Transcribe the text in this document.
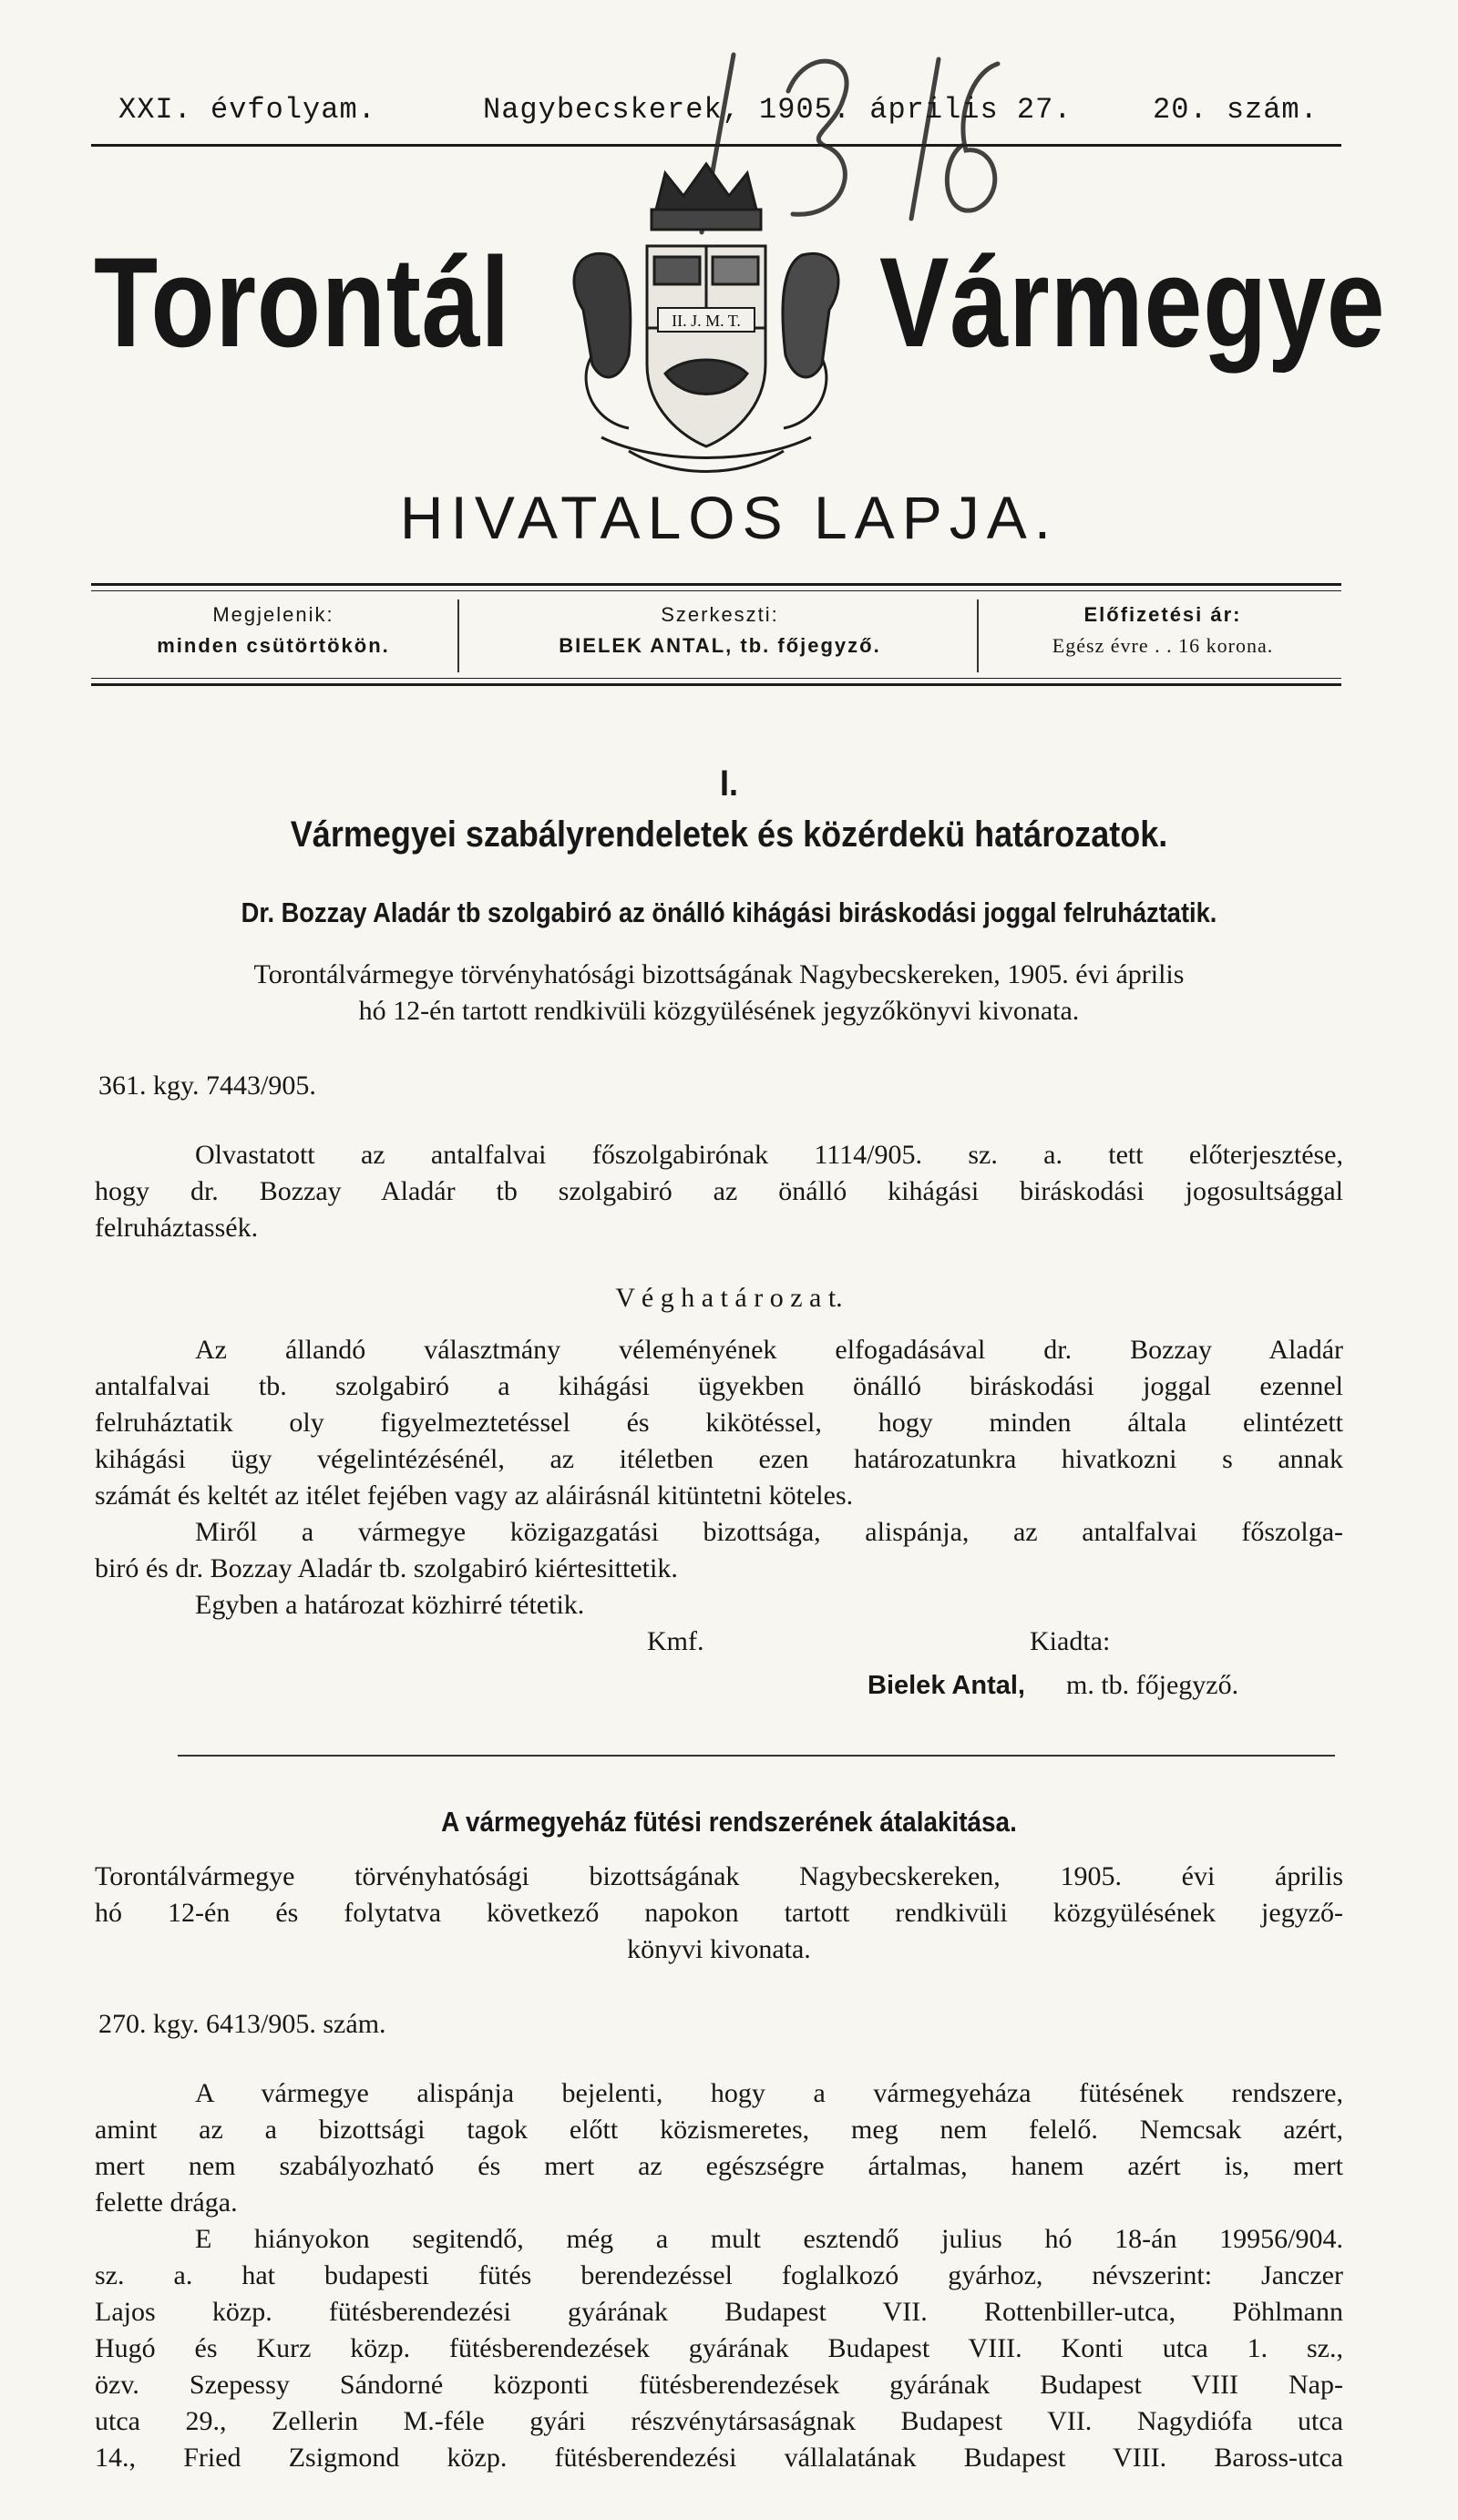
XXI. évfolyam.	Nagybecskerek, 1905. április 27.	20. szám.
Torontál	Vármegye
II. J. M. T.
HIVATALOS LAPJA.
Megjelenik:
minden csütörtökön.
Szerkeszti:
BIELEK ANTAL, tb. főjegyző.
Előfizetési ár:
Egész évre . . 16 korona.
I.
Vármegyei szabályrendeletek és közérdekü határozatok.
Dr. Bozzay Aladár tb szolgabiró az önálló kihágási biráskodási joggal felruháztatik.
Torontálvármegye törvényhatósági bizottságának Nagybecskereken, 1905. évi április
hó 12-én tartott rendkivüli közgyülésének jegyzőkönyvi kivonata.
361. kgy. 7443/905.
Olvastatott az antalfalvai főszolgabirónak 1114/905. sz. a. tett előterjesztése,
hogy dr. Bozzay Aladár tb szolgabiró az önálló kihágási biráskodási jogosultsággal
felruháztassék.
V é g h a t á r o z a t.
Az állandó választmány véleményének elfogadásával dr. Bozzay Aladár
antalfalvai tb. szolgabiró a kihágási ügyekben önálló biráskodási joggal ezennel
felruháztatik oly figyelmeztetéssel és kikötéssel, hogy minden általa elintézett
kihágási ügy végelintézésénél, az itéletben ezen határozatunkra hivatkozni s annak
számát és keltét az itélet fejében vagy az aláirásnál kitüntetni köteles.
Miről a vármegye közigazgatási bizottsága, alispánja, az antalfalvai főszolga-
biró és dr. Bozzay Aladár tb. szolgabiró kiértesittetik.
Egyben a határozat közhirré tétetik.
Kmf.	Kiadta:
Bielek Antal, m. tb. főjegyző.
A vármegyeház fütési rendszerének átalakitása.
Torontálvármegye törvényhatósági bizottságának Nagybecskereken, 1905. évi április
hó 12-én és folytatva következő napokon tartott rendkivüli közgyülésének jegyző-
könyvi kivonata.
270. kgy. 6413/905. szám.
A vármegye alispánja bejelenti, hogy a vármegyeháza fütésének rendszere,
amint az a bizottsági tagok előtt közismeretes, meg nem felelő. Nemcsak azért,
mert nem szabályozható és mert az egészségre ártalmas, hanem azért is, mert
felette drága.
E hiányokon segitendő, még a mult esztendő julius hó 18-án 19956/904.
sz. a. hat budapesti fütés berendezéssel foglalkozó gyárhoz, névszerint: Janczer
Lajos közp. fütésberendezési gyárának Budapest VII. Rottenbiller-utca, Pöhlmann
Hugó és Kurz közp. fütésberendezések gyárának Budapest VIII. Konti utca 1. sz.,
özv. Szepessy Sándorné központi fütésberendezések gyárának Budapest VIII Nap-
utca 29., Zellerin M.-féle gyári részvénytársaságnak Budapest VII. Nagydiófa utca
14., Fried Zsigmond közp. fütésberendezési vállalatának Budapest VIII. Baross-utca
